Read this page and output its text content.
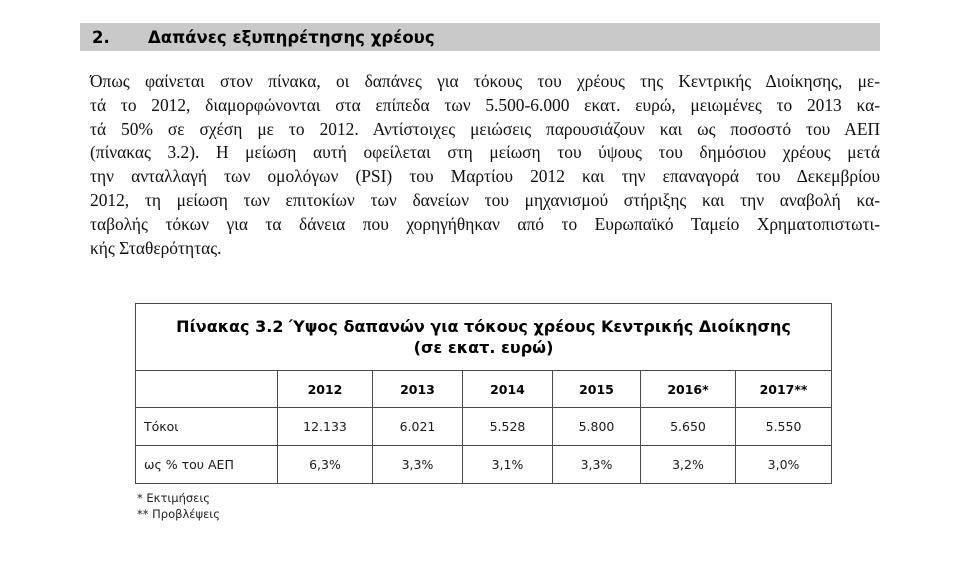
2.	Δαπάνες εξυπηρέτησης χρέους
Όπως φαίνεται στον πίνακα, οι δαπάνες για τόκους του χρέους της Κεντρικής Διοίκησης, με-
τά το 2012, διαμορφώνονται στα επίπεδα των 5.500-6.000 εκατ. ευρώ, μειωμένες το 2013 κα-
τά 50% σε σχέση με το 2012. Αντίστοιχες μειώσεις παρουσιάζουν και ως ποσοστό του ΑΕΠ
(πίνακας 3.2). Η μείωση αυτή οφείλεται στη μείωση του ύψους του δημόσιου χρέους μετά
την ανταλλαγή των ομολόγων (PSI) του Μαρτίου 2012 και την επαναγορά του Δεκεμβρίου
2012, τη μείωση των επιτοκίων των δανείων του μηχανισμού στήριξης και την αναβολή κα-
ταβολής τόκων για τα δάνεια που χορηγήθηκαν από το Ευρωπαϊκό Ταμείο Χρηματοπιστωτι-
κής Σταθερότητας.
Πίνακας 3.2 Ύψος δαπανών για τόκους χρέους Κεντρικής Διοίκησης
(σε εκατ. ευρώ)						

	2012	2013	2014	2015	2016*	2017**
Τόκοι	12.133	6.021	5.528	5.800	5.650	5.550
ως % του ΑΕΠ	6,3%	3,3%	3,1%	3,3%	3,2%	3,0%
* Εκτιμήσεις
** Προβλέψεις
